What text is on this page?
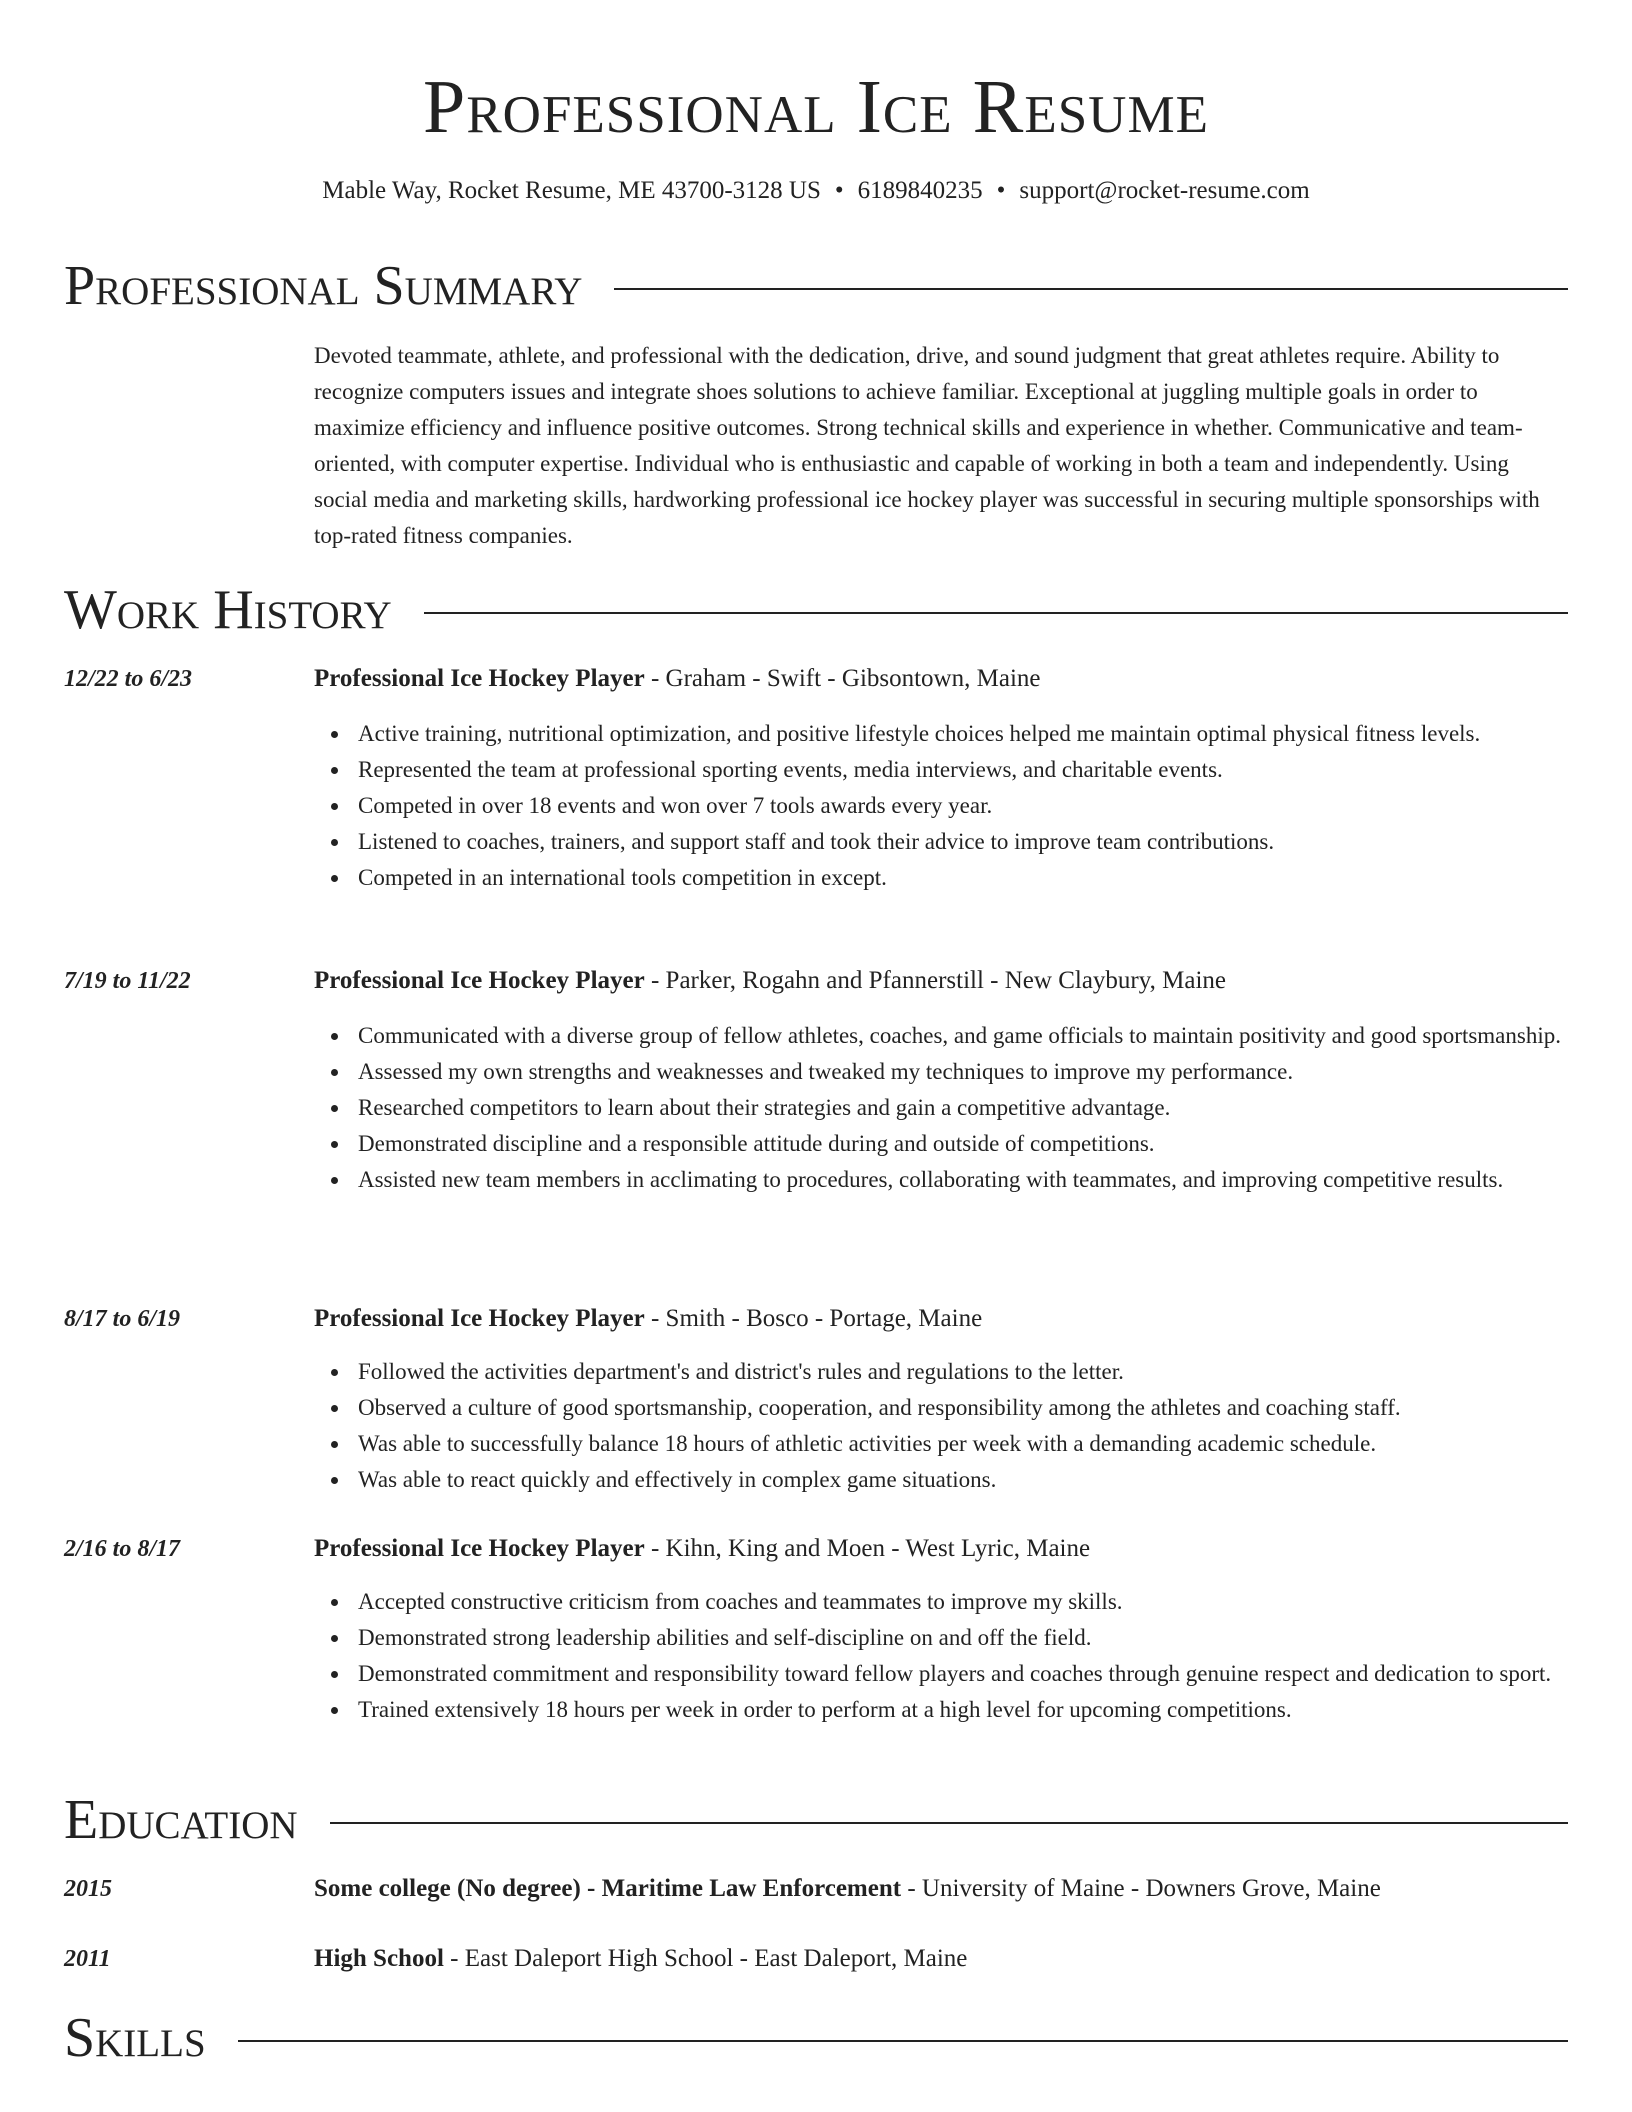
Professional Ice Resume
Mable Way, Rocket Resume, ME 43700-3128 US • 6189840235 • support@rocket-resume.com
Professional Summary
Devoted teammate, athlete, and professional with the dedication, drive, and sound judgment that great athletes require. Ability to recognize computers issues and integrate shoes solutions to achieve familiar. Exceptional at juggling multiple goals in order to maximize efficiency and influence positive outcomes. Strong technical skills and experience in whether. Communicative and team-oriented, with computer expertise. Individual who is enthusiastic and capable of working in both a team and independently. Using social media and marketing skills, hardworking professional ice hockey player was successful in securing multiple sponsorships with top-rated fitness companies.
Work History
12/22 to 6/23	Professional Ice Hockey Player - Graham - Swift - Gibsontown, Maine
Active training, nutritional optimization, and positive lifestyle choices helped me maintain optimal physical fitness levels.
Represented the team at professional sporting events, media interviews, and charitable events.
Competed in over 18 events and won over 7 tools awards every year.
Listened to coaches, trainers, and support staff and took their advice to improve team contributions.
Competed in an international tools competition in except.
7/19 to 11/22	Professional Ice Hockey Player - Parker, Rogahn and Pfannerstill - New Claybury, Maine
Communicated with a diverse group of fellow athletes, coaches, and game officials to maintain positivity and good sportsmanship.
Assessed my own strengths and weaknesses and tweaked my techniques to improve my performance.
Researched competitors to learn about their strategies and gain a competitive advantage.
Demonstrated discipline and a responsible attitude during and outside of competitions.
Assisted new team members in acclimating to procedures, collaborating with teammates, and improving competitive results.
8/17 to 6/19	Professional Ice Hockey Player - Smith - Bosco - Portage, Maine
Followed the activities department's and district's rules and regulations to the letter.
Observed a culture of good sportsmanship, cooperation, and responsibility among the athletes and coaching staff.
Was able to successfully balance 18 hours of athletic activities per week with a demanding academic schedule.
Was able to react quickly and effectively in complex game situations.
2/16 to 8/17	Professional Ice Hockey Player - Kihn, King and Moen - West Lyric, Maine
Accepted constructive criticism from coaches and teammates to improve my skills.
Demonstrated strong leadership abilities and self-discipline on and off the field.
Demonstrated commitment and responsibility toward fellow players and coaches through genuine respect and dedication to sport.
Trained extensively 18 hours per week in order to perform at a high level for upcoming competitions.
Education
2015	Some college (No degree) - Maritime Law Enforcement - University of Maine - Downers Grove, Maine
2011	High School - East Daleport High School - East Daleport, Maine
Skills
